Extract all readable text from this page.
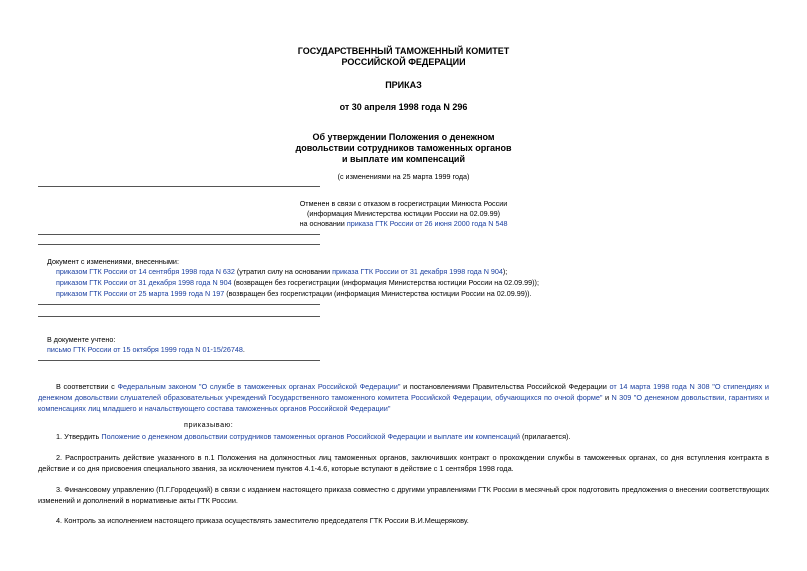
ГОСУДАРСТВЕННЫЙ ТАМОЖЕННЫЙ КОМИТЕТ
РОССИЙСКОЙ ФЕДЕРАЦИИ
ПРИКАЗ
от 30 апреля 1998 года N 296
Об утверждении Положения о денежном
довольствии сотрудников таможенных органов
и выплате им компенсаций
(с изменениями на 25 марта 1999 года)
Отменен в связи с отказом в госрегистрации Минюста России
(информация Министерства юстиции России на 02.09.99)
на основании приказа ГТК России от 26 июня 2000 года N 548
Документ с изменениями, внесенными:
приказом ГТК России от 14 сентября 1998 года N 632 (утратил силу на основании приказа ГТК России от 31 декабря 1998 года N 904);
приказом ГТК России от 31 декабря 1998 года N 904 (возвращен без госрегистрации (информация Министерства юстиции России на 02.09.99));
приказом ГТК России от 25 марта 1999 года N 197 (возвращен без госрегистрации (информация Министерства юстиции России на 02.09.99)).
В документе учтено:
письмо ГТК России от 15 октября 1999 года N 01-15/26748.
В соответствии с Федеральным законом "О службе в таможенных органах Российской Федерации" и постановлениями Правительства Российской Федерации от 14 марта 1998 года N 308 "О стипендиях и денежном довольствии слушателей образовательных учреждений Государственного таможенного комитета Российской Федерации, обучающихся по очной форме" и N 309 "О денежном довольствии, гарантиях и компенсациях лиц младшего и начальствующего состава таможенных органов Российской Федерации"
приказываю:
1. Утвердить Положение о денежном довольствии сотрудников таможенных органов Российской Федерации и выплате им компенсаций (прилагается).
2. Распространить действие указанного в п.1 Положения на должностных лиц таможенных органов, заключивших контракт о прохождении службы в таможенных органах, со дня вступления контракта в действие и со дня присвоения специального звания, за исключением пунктов 4.1-4.6, которые вступают в действие с 1 сентября 1998 года.
3. Финансовому управлению (П.Г.Городецкий) в связи с изданием настоящего приказа совместно с другими управлениями ГТК России в месячный срок подготовить предложения о внесении соответствующих изменений и дополнений в нормативные акты ГТК России.
4. Контроль за исполнением настоящего приказа осуществлять заместителю председателя ГТК России В.И.Мещерякову.
